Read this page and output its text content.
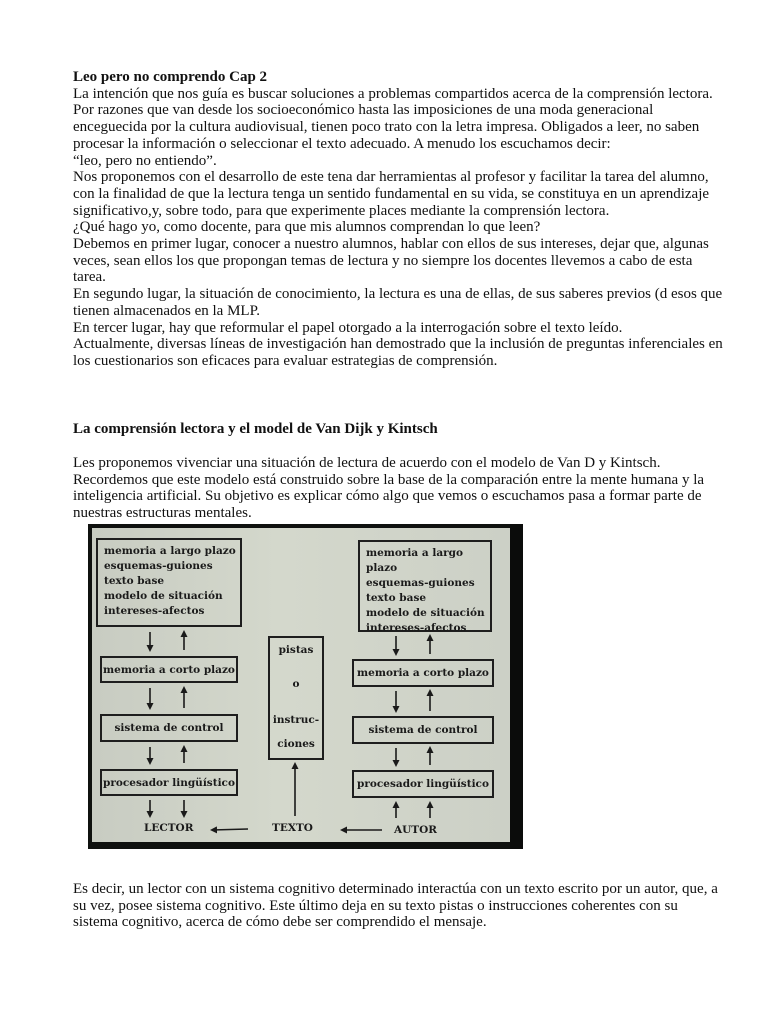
Leo pero no comprendo Cap 2

La intención que nos guía es buscar soluciones a problemas compartidos acerca de la comprensión lectora.

Por razones que van desde los socioeconómico hasta las imposiciones de una moda generacional enceguecida por la cultura audiovisual, tienen poco trato con la letra impresa. Obligados a leer, no saben procesar la información o seleccionar el texto adecuado. A menudo los escuchamos decir:

“leo, pero no entiendo”.

Nos proponemos con el desarrollo de este tena dar herramientas al profesor y facilitar la tarea del alumno, con la finalidad de que la lectura tenga un sentido fundamental en su vida, se constituya en un aprendizaje significativo,y, sobre todo, para que experimente places mediante la comprensión lectora.

¿Qué hago yo, como docente, para que mis alumnos comprendan lo que leen?

Debemos en primer lugar, conocer a nuestro alumnos, hablar con ellos de sus intereses, dejar que, algunas veces, sean ellos los que propongan temas de lectura y no siempre los docentes llevemos a cabo de esta tarea.

En segundo lugar, la situación de conocimiento, la lectura es una de ellas, de sus saberes previos (d esos que tienen almacenados en la MLP.

En tercer lugar, hay que reformular el papel otorgado a la interrogación sobre el texto leído.

Actualmente, diversas líneas de investigación han demostrado que la inclusión de preguntas inferenciales en los cuestionarios son eficaces para evaluar estrategias de comprensión.

La comprensión lectora y el model de Van Dijk y Kintsch
Les proponemos vivenciar una situación de lectura de acuerdo con el modelo de Van D y Kintsch. Recordemos que este modelo está construido sobre la base de la comparación entre la mente humana y la inteligencia artificial. Su objetivo es explicar cómo algo que vemos o escuchamos pasa a formar parte de nuestras estructuras mentales.
memoria a largo plazo
esquemas-guiones
texto base
modelo de situación
intereses-afectos
memoria a corto plazo
sistema de control
procesador lingüístico
LECTOR
pistas
o
instruc-
ciones
TEXTO
memoria a largo plazo
esquemas-guiones
texto base
modelo de situación
intereses-afectos
memoria a corto plazo
sistema de control
procesador lingüístico
AUTOR
Es decir, un lector con un sistema cognitivo determinado interactúa con un texto escrito por un autor, que, a su vez, posee sistema cognitivo. Este último deja en su texto pistas o instrucciones coherentes con su sistema cognitivo, acerca de cómo debe ser comprendido el mensaje.
